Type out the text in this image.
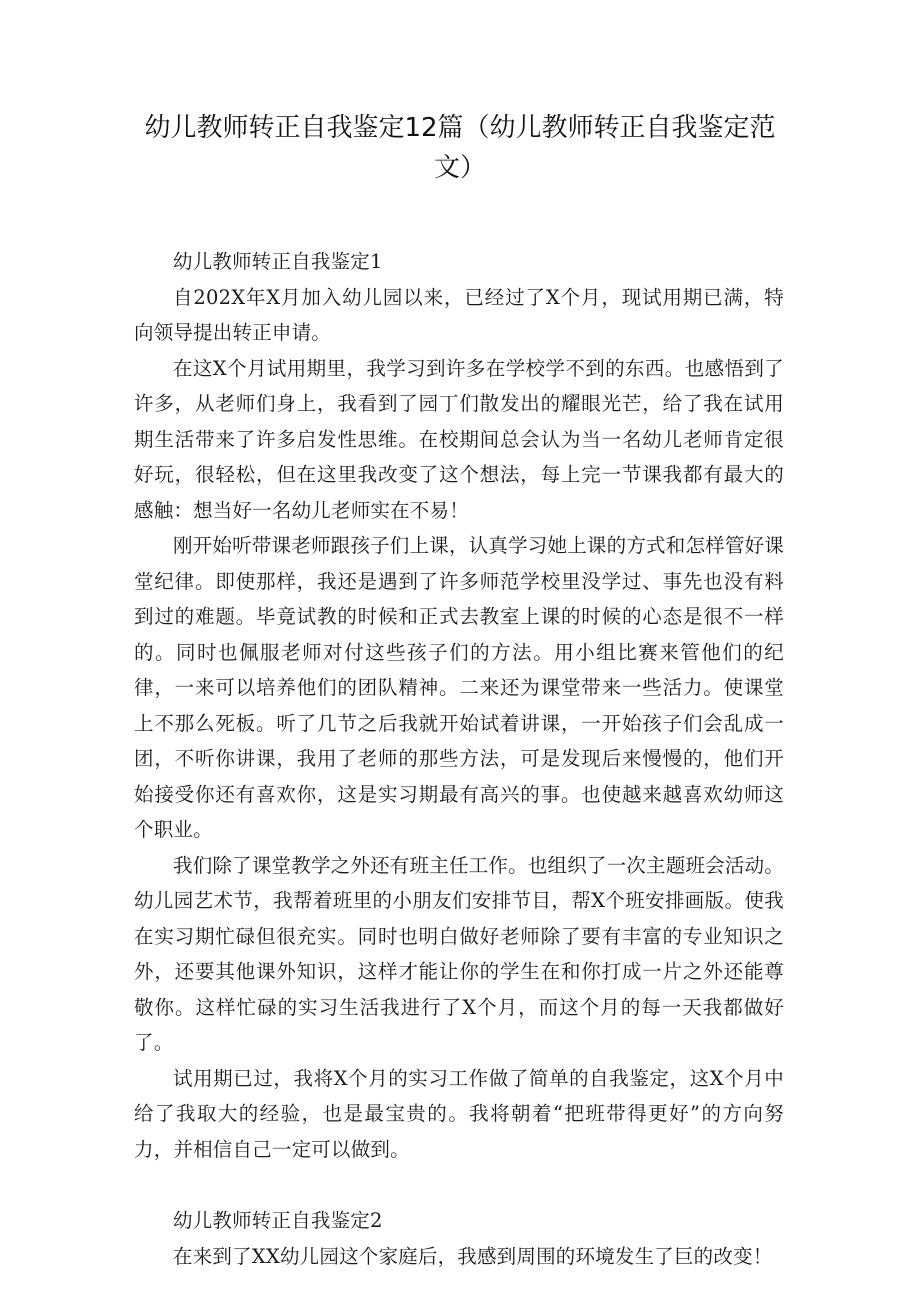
幼儿教师转正自我鉴定12篇（幼儿教师转正自我鉴定范文）

幼儿教师转正自我鉴定1

自202X年X月加入幼儿园以来，已经过了X个月，现试用期已满，特向领导提出转正申请。

在这X个月试用期里，我学习到许多在学校学不到的东西。也感悟到了许多，从老师们身上，我看到了园丁们散发出的耀眼光芒，给了我在试用期生活带来了许多启发性思维。在校期间总会认为当一名幼儿老师肯定很好玩，很轻松，但在这里我改变了这个想法，每上完一节课我都有最大的感触：想当好一名幼儿老师实在不易！

刚开始听带课老师跟孩子们上课，认真学习她上课的方式和怎样管好课堂纪律。即使那样，我还是遇到了许多师范学校里没学过、事先也没有料到过的难题。毕竟试教的时候和正式去教室上课的时候的心态是很不一样的。同时也佩服老师对付这些孩子们的方法。用小组比赛来管他们的纪律，一来可以培养他们的团队精神。二来还为课堂带来一些活力。使课堂上不那么死板。听了几节之后我就开始试着讲课，一开始孩子们会乱成一团，不听你讲课，我用了老师的那些方法，可是发现后来慢慢的，他们开始接受你还有喜欢你，这是实习期最有高兴的事。也使越来越喜欢幼师这个职业。

我们除了课堂教学之外还有班主任工作。也组织了一次主题班会活动。幼儿园艺术节，我帮着班里的小朋友们安排节目，帮X个班安排画版。使我在实习期忙碌但很充实。同时也明白做好老师除了要有丰富的专业知识之外，还要其他课外知识，这样才能让你的学生在和你打成一片之外还能尊敬你。这样忙碌的实习生活我进行了X个月，而这个月的每一天我都做好了。

试用期已过，我将X个月的实习工作做了简单的自我鉴定，这X个月中给了我取大的经验，也是最宝贵的。我将朝着“把班带得更好”的方向努力，并相信自己一定可以做到。

幼儿教师转正自我鉴定2

在来到了XX幼儿园这个家庭后，我感到周围的环境发生了巨的改变！
